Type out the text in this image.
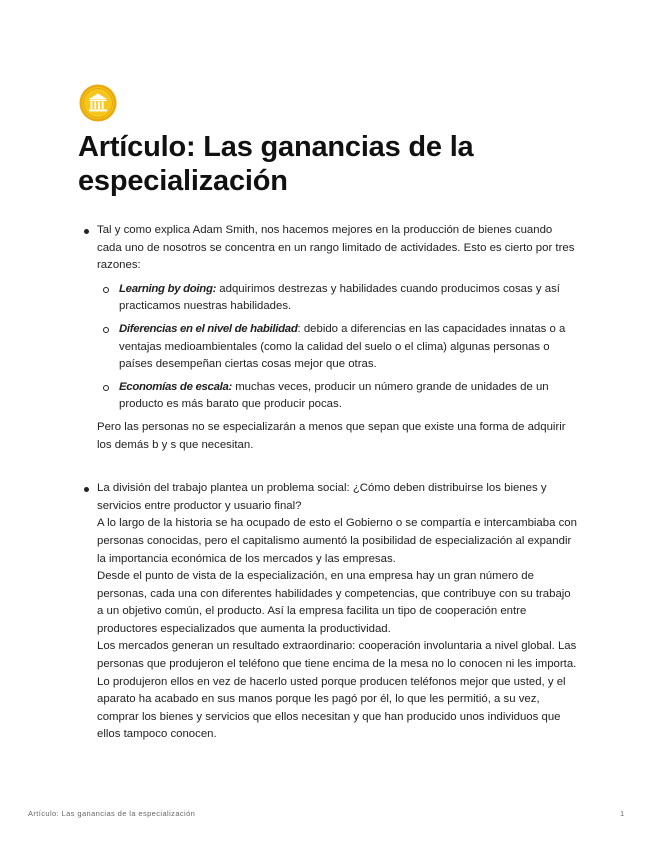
Artículo: Las ganancias de la especialización

Tal y como explica Adam Smith, nos hacemos mejores en la producción de bienes cuando cada uno de nosotros se concentra en un rango limitado de actividades. Esto es cierto por tres razones:

Learning by doing: adquirimos destrezas y habilidades cuando producimos cosas y así practicamos nuestras habilidades.
Diferencias en el nivel de habilidad: debido a diferencias en las capacidades innatas o a ventajas medioambientales (como la calidad del suelo o el clima) algunas personas o países desempeñan ciertas cosas mejor que otras.
Economías de escala: muchas veces, producir un número grande de unidades de un producto es más barato que producir pocas.

Pero las personas no se especializarán a menos que sepan que existe una forma de adquirir los demás b y s que necesitan.

La división del trabajo plantea un problema social: ¿Cómo deben distribuirse los bienes y servicios entre productor y usuario final?

A lo largo de la historia se ha ocupado de esto el Gobierno o se compartía e intercambiaba con personas conocidas, pero el capitalismo aumentó la posibilidad de especialización al expandir la importancia económica de los mercados y las empresas.

Desde el punto de vista de la especialización, en una empresa hay un gran número de personas, cada una con diferentes habilidades y competencias, que contribuye con su trabajo a un objetivo común, el producto. Así la empresa facilita un tipo de cooperación entre productores especializados que aumenta la productividad.

Los mercados generan un resultado extraordinario: cooperación involuntaria a nivel global. Las personas que produjeron el teléfono que tiene encima de la mesa no lo conocen ni les importa. Lo produjeron ellos en vez de hacerlo usted porque producen teléfonos mejor que usted, y el aparato ha acabado en sus manos porque les pagó por él, lo que les permitió, a su vez, comprar los bienes y servicios que ellos necesitan y que han producido unos individuos que ellos tampoco conocen.

Artículo: Las ganancias de la especialización	1
